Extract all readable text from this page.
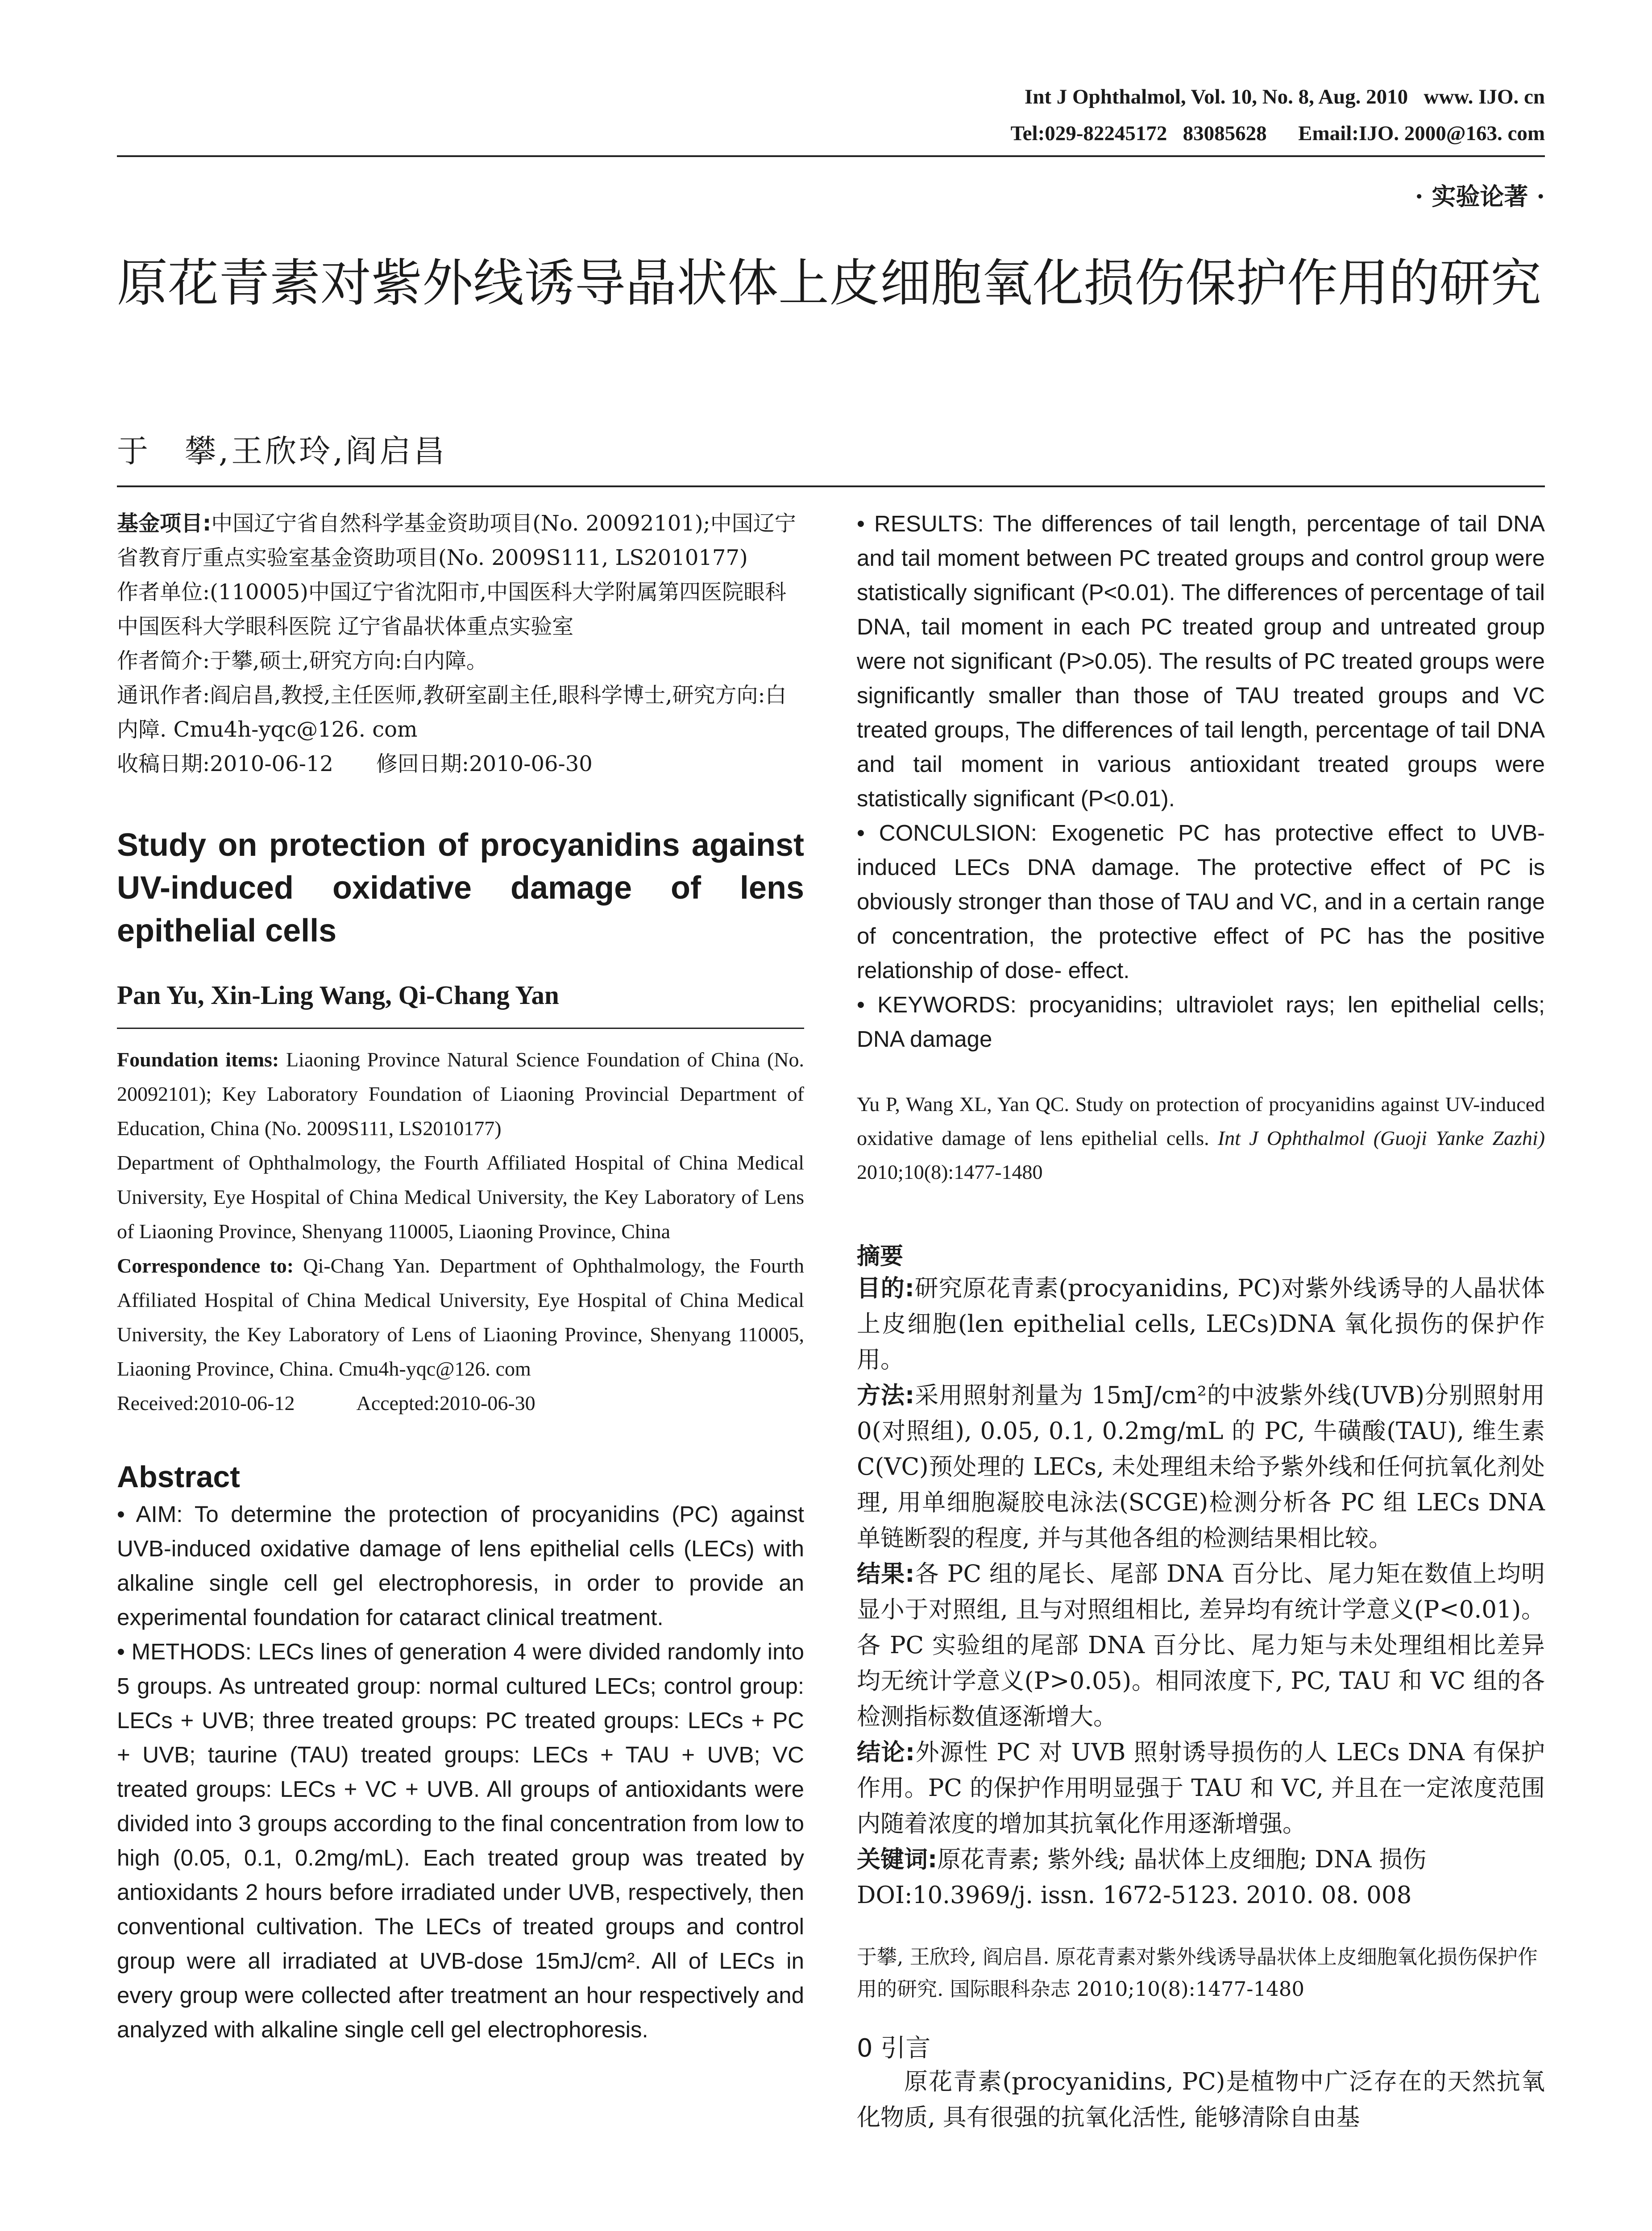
Int J Ophthalmol, Vol. 10, No. 8, Aug. 2010   www. IJO. cn
Tel:029-82245172   83085628      Email:IJO. 2000@163. com
· 实验论著 ·
原花青素对紫外线诱导晶状体上皮细胞氧化损伤保护作用的研究
于　攀,王欣玲,阎启昌

基金项目:中国辽宁省自然科学基金资助项目(No. 20092101);中国辽宁省教育厅重点实验室基金资助项目(No. 2009S111, LS2010177)

作者单位:(110005)中国辽宁省沈阳市,中国医科大学附属第四医院眼科 中国医科大学眼科医院 辽宁省晶状体重点实验室

作者简介:于攀,硕士,研究方向:白内障。

通讯作者:阎启昌,教授,主任医师,教研室副主任,眼科学博士,研究方向:白内障. Cmu4h-yqc@126. com

收稿日期:2010-06-12　　修回日期:2010-06-30

Study on protection of procyanidins against UV-induced oxidative damage of lens epithelial cells
Pan Yu, Xin-Ling Wang, Qi-Chang Yan

Foundation items: Liaoning Province Natural Science Foundation of China (No. 20092101); Key Laboratory Foundation of Liaoning Provincial Department of Education, China (No. 2009S111, LS2010177)

Department of Ophthalmology, the Fourth Affiliated Hospital of China Medical University, Eye Hospital of China Medical University, the Key Laboratory of Lens of Liaoning Province, Shenyang 110005, Liaoning Province, China

Correspondence to: Qi-Chang Yan. Department of Ophthalmology, the Fourth Affiliated Hospital of China Medical University, Eye Hospital of China Medical University, the Key Laboratory of Lens of Liaoning Province, Shenyang 110005, Liaoning Province, China. Cmu4h-yqc@126. com

Received:2010-06-12　　　Accepted:2010-06-30

Abstract

• AIM: To determine the protection of procyanidins (PC) against UVB-induced oxidative damage of lens epithelial cells (LECs) with alkaline single cell gel electrophoresis, in order to provide an experimental foundation for cataract clinical treatment.

• METHODS: LECs lines of generation 4 were divided randomly into 5 groups. As untreated group: normal cultured LECs; control group: LECs + UVB; three treated groups: PC treated groups: LECs + PC + UVB; taurine (TAU) treated groups: LECs + TAU + UVB; VC treated groups: LECs + VC + UVB. All groups of antioxidants were divided into 3 groups according to the final concentration from low to high (0.05, 0.1, 0.2mg/mL). Each treated group was treated by antioxidants 2 hours before irradiated under UVB, respectively, then conventional cultivation. The LECs of treated groups and control group were all irradiated at UVB-dose 15mJ/cm². All of LECs in every group were collected after treatment an hour respectively and analyzed with alkaline single cell gel electrophoresis.

• RESULTS: The differences of tail length, percentage of tail DNA and tail moment between PC treated groups and control group were statistically significant (P<0.01). The differences of percentage of tail DNA, tail moment in each PC treated group and untreated group were not significant (P>0.05). The results of PC treated groups were significantly smaller than those of TAU treated groups and VC treated groups, The differences of tail length, percentage of tail DNA and tail moment in various antioxidant treated groups were statistically significant (P<0.01).

• CONCULSION: Exogenetic PC has protective effect to UVB-induced LECs DNA damage. The protective effect of PC is obviously stronger than those of TAU and VC, and in a certain range of concentration, the protective effect of PC has the positive relationship of dose- effect.

• KEYWORDS: procyanidins; ultraviolet rays; len epithelial cells; DNA damage

Yu P, Wang XL, Yan QC. Study on protection of procyanidins against UV-induced oxidative damage of lens epithelial cells. Int J Ophthalmol (Guoji Yanke Zazhi) 2010;10(8):1477-1480
摘要

目的:研究原花青素(procyanidins, PC)对紫外线诱导的人晶状体上皮细胞(len epithelial cells, LECs)DNA 氧化损伤的保护作用。

方法:采用照射剂量为 15mJ/cm²的中波紫外线(UVB)分别照射用 0(对照组), 0.05, 0.1, 0.2mg/mL 的 PC, 牛磺酸(TAU), 维生素 C(VC)预处理的 LECs, 未处理组未给予紫外线和任何抗氧化剂处理, 用单细胞凝胶电泳法(SCGE)检测分析各 PC 组 LECs DNA 单链断裂的程度, 并与其他各组的检测结果相比较。

结果:各 PC 组的尾长、尾部 DNA 百分比、尾力矩在数值上均明显小于对照组, 且与对照组相比, 差异均有统计学意义(P<0.01)。各 PC 实验组的尾部 DNA 百分比、尾力矩与未处理组相比差异均无统计学意义(P>0.05)。相同浓度下, PC, TAU 和 VC 组的各检测指标数值逐渐增大。

结论:外源性 PC 对 UVB 照射诱导损伤的人 LECs DNA 有保护作用。PC 的保护作用明显强于 TAU 和 VC, 并且在一定浓度范围内随着浓度的增加其抗氧化作用逐渐增强。

关键词:原花青素; 紫外线; 晶状体上皮细胞; DNA 损伤

DOI:10.3969/j. issn. 1672-5123. 2010. 08. 008

于攀, 王欣玲, 阎启昌. 原花青素对紫外线诱导晶状体上皮细胞氧化损伤保护作用的研究. 国际眼科杂志 2010;10(8):1477-1480
0 引言

原花青素(procyanidins, PC)是植物中广泛存在的天然抗氧化物质, 具有很强的抗氧化活性, 能够清除自由基
